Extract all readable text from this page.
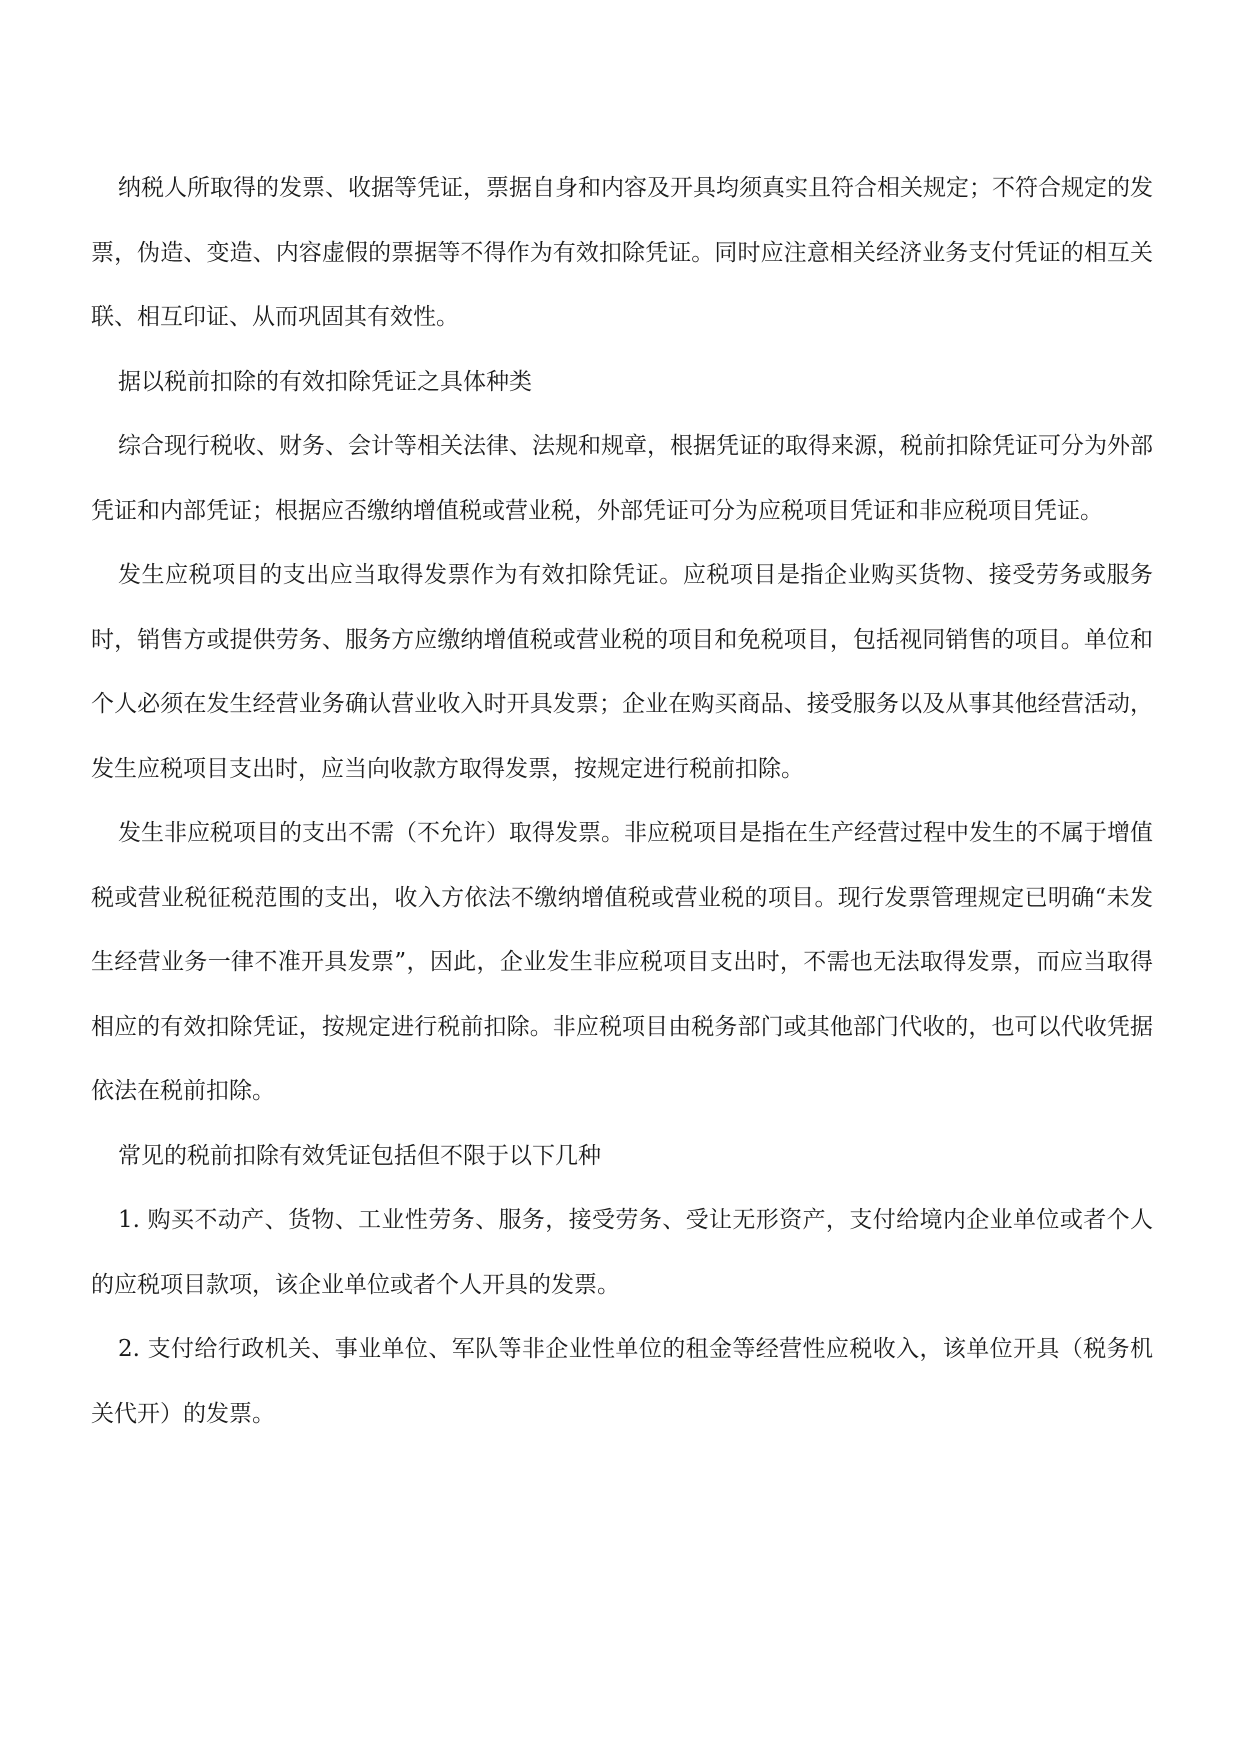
纳税人所取得的发票、收据等凭证，票据自身和内容及开具均须真实且符合相关规定；不符合规定的发票，伪造、变造、内容虚假的票据等不得作为有效扣除凭证。同时应注意相关经济业务支付凭证的相互关联、相互印证、从而巩固其有效性。

据以税前扣除的有效扣除凭证之具体种类

综合现行税收、财务、会计等相关法律、法规和规章，根据凭证的取得来源，税前扣除凭证可分为外部凭证和内部凭证；根据应否缴纳增值税或营业税，外部凭证可分为应税项目凭证和非应税项目凭证。

发生应税项目的支出应当取得发票作为有效扣除凭证。应税项目是指企业购买货物、接受劳务或服务时，销售方或提供劳务、服务方应缴纳增值税或营业税的项目和免税项目，包括视同销售的项目。单位和个人必须在发生经营业务确认营业收入时开具发票；企业在购买商品、接受服务以及从事其他经营活动，发生应税项目支出时，应当向收款方取得发票，按规定进行税前扣除。

发生非应税项目的支出不需（不允许）取得发票。非应税项目是指在生产经营过程中发生的不属于增值税或营业税征税范围的支出，收入方依法不缴纳增值税或营业税的项目。现行发票管理规定已明确“未发生经营业务一律不准开具发票”，因此，企业发生非应税项目支出时，不需也无法取得发票，而应当取得相应的有效扣除凭证，按规定进行税前扣除。非应税项目由税务部门或其他部门代收的，也可以代收凭据依法在税前扣除。

常见的税前扣除有效凭证包括但不限于以下几种

1. 购买不动产、货物、工业性劳务、服务，接受劳务、受让无形资产，支付给境内企业单位或者个人的应税项目款项，该企业单位或者个人开具的发票。

2. 支付给行政机关、事业单位、军队等非企业性单位的租金等经营性应税收入，该单位开具（税务机关代开）的发票。
